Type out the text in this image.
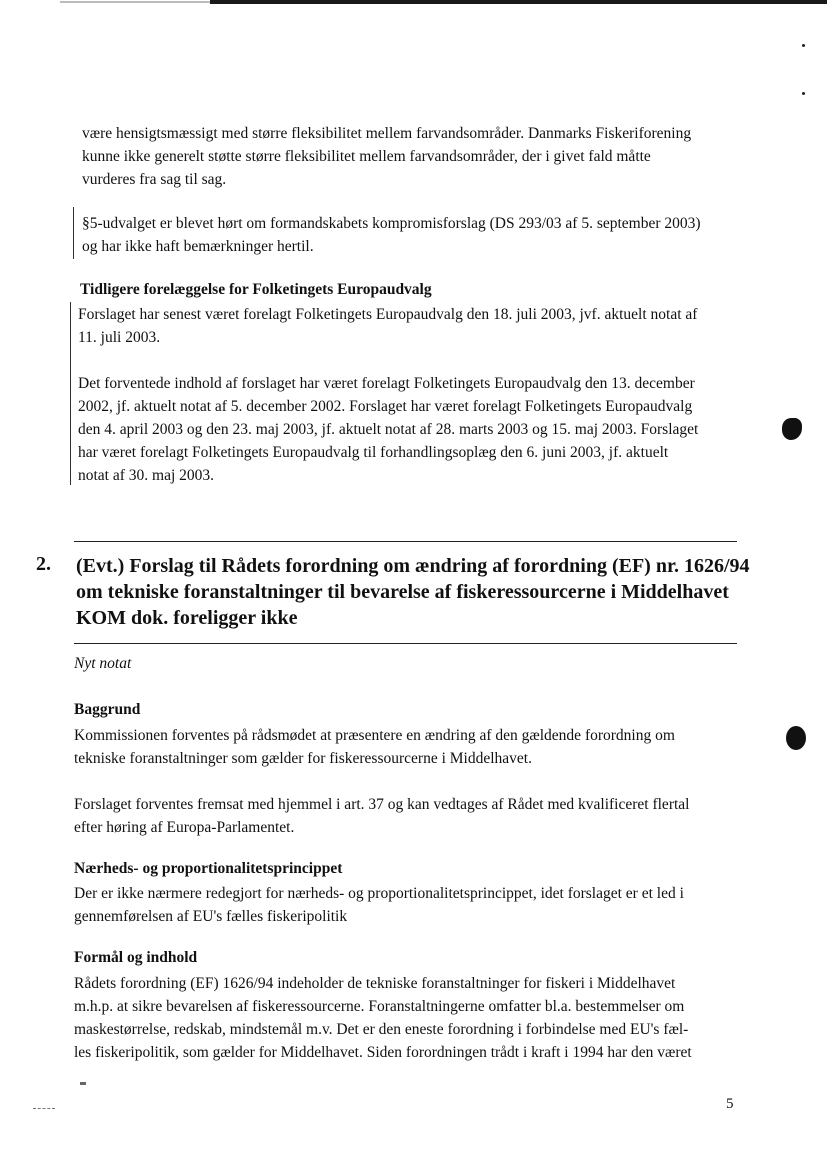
være hensigtsmæssigt med større fleksibilitet mellem farvandsområder. Danmarks Fiskeriforening
kunne ikke generelt støtte større fleksibilitet mellem farvandsområder, der i givet fald måtte
vurderes fra sag til sag.
§5-udvalget er blevet hørt om formandskabets kompromisforslag (DS 293/03 af 5. september 2003)
og har ikke haft bemærkninger hertil.
Tidligere forelæggelse for Folketingets Europaudvalg
Forslaget har senest været forelagt Folketingets Europaudvalg den 18. juli 2003, jvf. aktuelt notat af
11. juli 2003.
Det forventede indhold af forslaget har været forelagt Folketingets Europaudvalg den 13. december
2002, jf. aktuelt notat af 5. december 2002. Forslaget har været forelagt Folketingets Europaudvalg
den 4. april 2003 og den 23. maj 2003, jf. aktuelt notat af 28. marts 2003 og 15. maj 2003. Forslaget
har været forelagt Folketingets Europaudvalg til forhandlingsoplæg den 6. juni 2003, jf. aktuelt
notat af 30. maj 2003.
2. (Evt.) Forslag til Rådets forordning om ændring af forordning (EF) nr. 1626/94
om tekniske foranstaltninger til bevarelse af fiskeressourcerne i Middelhavet
KOM dok. foreligger ikke
Nyt notat
Baggrund
Kommissionen forventes på rådsmødet at præsentere en ændring af den gældende forordning om
tekniske foranstaltninger som gælder for fiskeressourcerne i Middelhavet.
Forslaget forventes fremsat med hjemmel i art. 37 og kan vedtages af Rådet med kvalificeret flertal
efter høring af Europa-Parlamentet.
Nærheds- og proportionalitetsprincippet
Der er ikke nærmere redegjort for nærheds- og proportionalitetsprincippet, idet forslaget er et led i
gennemførelsen af EU's fælles fiskeripolitik
Formål og indhold
Rådets forordning (EF) 1626/94 indeholder de tekniske foranstaltninger for fiskeri i Middelhavet
m.h.p. at sikre bevarelsen af fiskeressourcerne. Foranstaltningerne omfatter bl.a. bestemmelser om
maskestørrelse, redskab, mindstemål m.v. Det er den eneste forordning i forbindelse med EU's fæl-
les fiskeripolitik, som gælder for Middelhavet. Siden forordningen trådt i kraft i 1994 har den været
5
